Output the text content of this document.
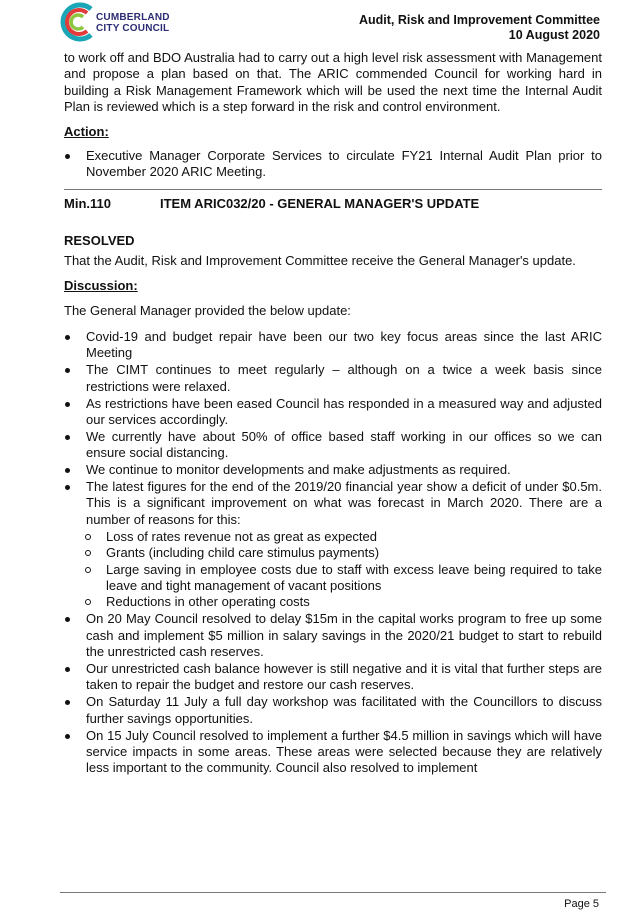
CUMBERLAND
CITY COUNCIL
Audit, Risk and Improvement Committee
10 August 2020

to work off and BDO Australia had to carry out a high level risk assessment with Management and propose a plan based on that. The ARIC commended Council for working hard in building a Risk Management Framework which will be used the next time the Internal Audit Plan is reviewed which is a step forward in the risk and control environment.

Action:
Executive Manager Corporate Services to circulate FY21 Internal Audit Plan prior to November 2020 ARIC Meeting.
Min.110	ITEM ARIC032/20 - GENERAL MANAGER'S UPDATE
RESOLVED

That the Audit, Risk and Improvement Committee receive the General Manager's update.

Discussion:

The General Manager provided the below update:

Covid-19 and budget repair have been our two key focus areas since the last ARIC Meeting
The CIMT continues to meet regularly – although on a twice a week basis since restrictions were relaxed.
As restrictions have been eased Council has responded in a measured way and adjusted our services accordingly.
We currently have about 50% of office based staff working in our offices so we can ensure social distancing.
We continue to monitor developments and make adjustments as required.
The latest figures for the end of the 2019/20 financial year show a deficit of under $0.5m. This is a significant improvement on what was forecast in March 2020. There are a number of reasons for this:
Loss of rates revenue not as great as expected
Grants (including child care stimulus payments)
Large saving in employee costs due to staff with excess leave being required to take leave and tight management of vacant positions
Reductions in other operating costs
On 20 May Council resolved to delay $15m in the capital works program to free up some cash and implement $5 million in salary savings in the 2020/21 budget to start to rebuild the unrestricted cash reserves.
Our unrestricted cash balance however is still negative and it is vital that further steps are taken to repair the budget and restore our cash reserves.
On Saturday 11 July a full day workshop was facilitated with the Councillors to discuss further savings opportunities.
On 15 July Council resolved to implement a further $4.5 million in savings which will have service impacts in some areas. These areas were selected because they are relatively less important to the community. Council also resolved to implement
Page 5
